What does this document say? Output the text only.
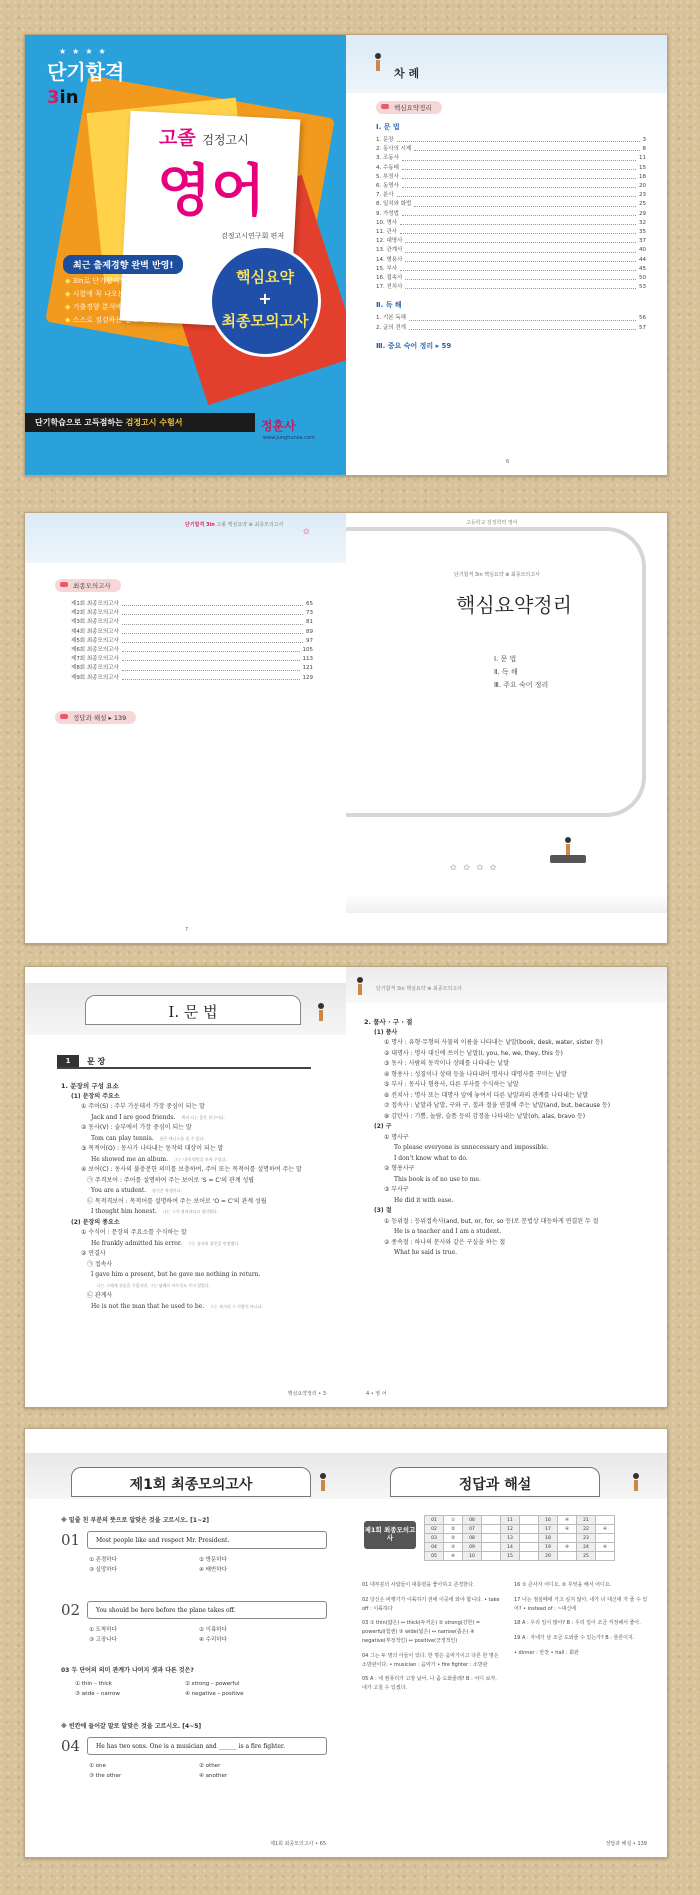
★★★★
단기합격
3in
고졸 검정고시
영어
검정고시연구회 편저
최근 출제경향 완벽 반영!
◆ 3in로 단기합격으로 이끄는 내비게이션
◆ 시험에 꼭 나오는 내용 알기쉽게 정리
◆ 기출경향 분석에 따른 문제해결력 극대화
◆ 스스로 점검하는 셀프 피드백 학습
핵심요약
+
최종모의고사
단기학습으로 고득점하는 검정고시 수험서	정훈사
www.junghunsa.com
차 례
핵심요약정리
Ⅰ. 문 법
1. 문장	3
2. 동사의 시제	8
3. 조동사	11
4. 수동태	15
5. 부정사	18
6. 동명사	20
7. 분사	23
8. 일치와 화법	25
9. 가정법	29
10. 명사	32
11. 관사	35
12. 대명사	37
13. 관계사	40
14. 형용사	44
15. 부사	45
16. 접속사	50
17. 전치사	53
Ⅱ. 독 해
1. 기본 독해	56
2. 글의 전개	57
Ⅲ. 중요 숙어 정리 ▸ 59
6
단기합격 3in 고졸 핵심요약 ⊕ 최종모의고사
✿
최종모의고사
제1회 최종모의고사	65
제2회 최종모의고사	73
제3회 최종모의고사	81
제4회 최종모의고사	89
제5회 최종모의고사	97
제6회 최종모의고사	105
제7회 최종모의고사	113
제8회 최종모의고사	121
제9회 최종모의고사	129
정답과 해설 ▸ 139
7
고등학교 검정학력 영어
단기합격 3in 핵심요약 ⊕ 최종모의고사
핵심요약정리
Ⅰ. 문 법
Ⅱ. 독 해
Ⅲ. 주요 숙어 정리
✿ ✿ ✿ ✿
Ⅰ. 문 법
1	문 장
1. 문장의 구성 요소
(1) 문장의 주요소
① 주어(S) : 주부 가운데서 가장 중심이 되는 말
Jack and I are good friends. 잭과 나는 좋은 친구이다.
② 동사(V) : 술부에서 가장 중심이 되는 말
Tom can play tennis. 톰은 테니스를 칠 수 있다.
③ 목적어(O) : 동사가 나타내는 동작의 대상이 되는 말
He showed me an album. 그는 내게 앨범을 보여 주었다.
④ 보어(C) : 동사의 불충분한 의미를 보충하여, 주어 또는 목적어를 설명하여 주는 말
㉠ 주격보어 : 주어를 설명하여 주는 보어로 'S = C'의 관계 성립
You are a student. 당신은 학생이다.
㉡ 목적격보어 : 목적어를 설명하여 주는 보어로 'O = C'의 관계 성립
I thought him honest. 나는 그가 정직하다고 생각했다.
(2) 문장의 종요소
① 수식어 : 문장의 주요소를 수식하는 말
He frankly admitted his error. 그는 솔직히 잘못을 인정했다.
② 연결사
㉠ 접속사
I gave him a present, but he gave me nothing in return.
나는 그에게 선물을 주었지만, 그는 답례로 아무것도 주지 않았다.
㉡ 관계사
He is not the man that he used to be. 그는 과거의 그 사람이 아니다.
핵심요약정리 • 3
단기합격 3in 핵심요약 ⊕ 최종모의고사
2. 품사 · 구 · 절
(1) 품사
① 명사 : 유형·무형의 사물의 이름을 나타내는 낱말(book, desk, water, sister 등)
② 대명사 : 명사 대신에 쓰이는 낱말(I, you, he, we, they, this 등)
③ 동사 : 사람의 동작이나 상태를 나타내는 낱말
④ 형용사 : 성질이나 상태 등을 나타내어 명사나 대명사를 꾸미는 낱말
⑤ 부사 : 동사나 형용사, 다른 부사를 수식하는 낱말
⑥ 전치사 : 명사 또는 대명사 앞에 놓여서 다른 낱말과의 관계를 나타내는 낱말
⑦ 접속사 : 낱말과 낱말, 구와 구, 절과 절을 연결해 주는 낱말(and, but, because 등)
⑧ 감탄사 : 기쁨, 놀람, 슬픔 등의 감정을 나타내는 낱말(oh, alas, bravo 등)
(2) 구
① 명사구
To please everyone is unnecessary and impossible.
I don't know what to do.
② 형용사구
This book is of no use to me.
③ 부사구
He did it with ease.
(3) 절
① 등위절 : 등위접속사(and, but, or, for, so 등)로 문법상 대등하게 연결된 두 절
He is a teacher and I am a student.
② 종속절 : 하나의 문사와 같은 구실을 하는 절
What he said is true.
4 • 영 어
제1회 최종모의고사
※ 밑줄 친 부분의 뜻으로 알맞은 것을 고르시오. [1~2]
01	Most people like and respect Mr. President.
① 존경하다	② 방문하다
③ 실망하다	④ 배반하다
02	You should be here before the plane takes off.
① 도착하다	② 이륙하다
③ 고장나다	④ 수리하다
03 두 단어의 의미 관계가 나머지 셋과 다른 것은?
① thin – thick	② strong – powerful
③ wide – narrow	④ negative – positive
※ 빈칸에 들어갈 말로 알맞은 것을 고르시오. [4~5]
04	He has two sons. One is a musician and ______ is a fire fighter.
① one	② other
③ the other	④ another
제1회 최종모의고사 • 65
정답과 해설
제1회 최종모의고사
01	①	06		11		16	④	21	
02	②	07		12		17	④	22	④
03	②	08		13		18		23	
04	③	09		14		19	④	24	④
05	④	10		15		20		25	

01 대부분의 사람들이 대통령을 좋아하고 존경한다.

02 당신은 비행기가 이륙하기 전에 이곳에 와야 합니다. • take off : 이륙하다

03 ① thin(얇은) ↔ thick(두꺼운) ② strong(강한) = powerful(힘센) ③ wide(넓은) ↔ narrow(좁은) ④ negative(부정적인) ↔ positive(긍정적인)

04 그는 두 명의 아들이 있다. 한 명은 음악가이고 다른 한 명은 소방관이다. • musician : 음악가 • fire fighter : 소방관

05 A : 네 컴퓨터가 고장 났어. 나 좀 도와줄래? B : 어디 보자. 내가 고칠 수 있겠다.

16 ① 큰사자 어디요. ② 무엇을 해서 어디요.

17 나는 점심때에 가고 싶지 않아. 내가 너 대신에 가 줄 수 있어? • instead of : ~대신에

18 A : 우리 일이 많아? B : 우리 일이 조금 걱정해서 좋아.

19 A : 자네가 날 조금 도와줄 수 있는가? B : 물론이지.

• dinner : 만찬 • hall : 회관

정답과 해설 • 139
